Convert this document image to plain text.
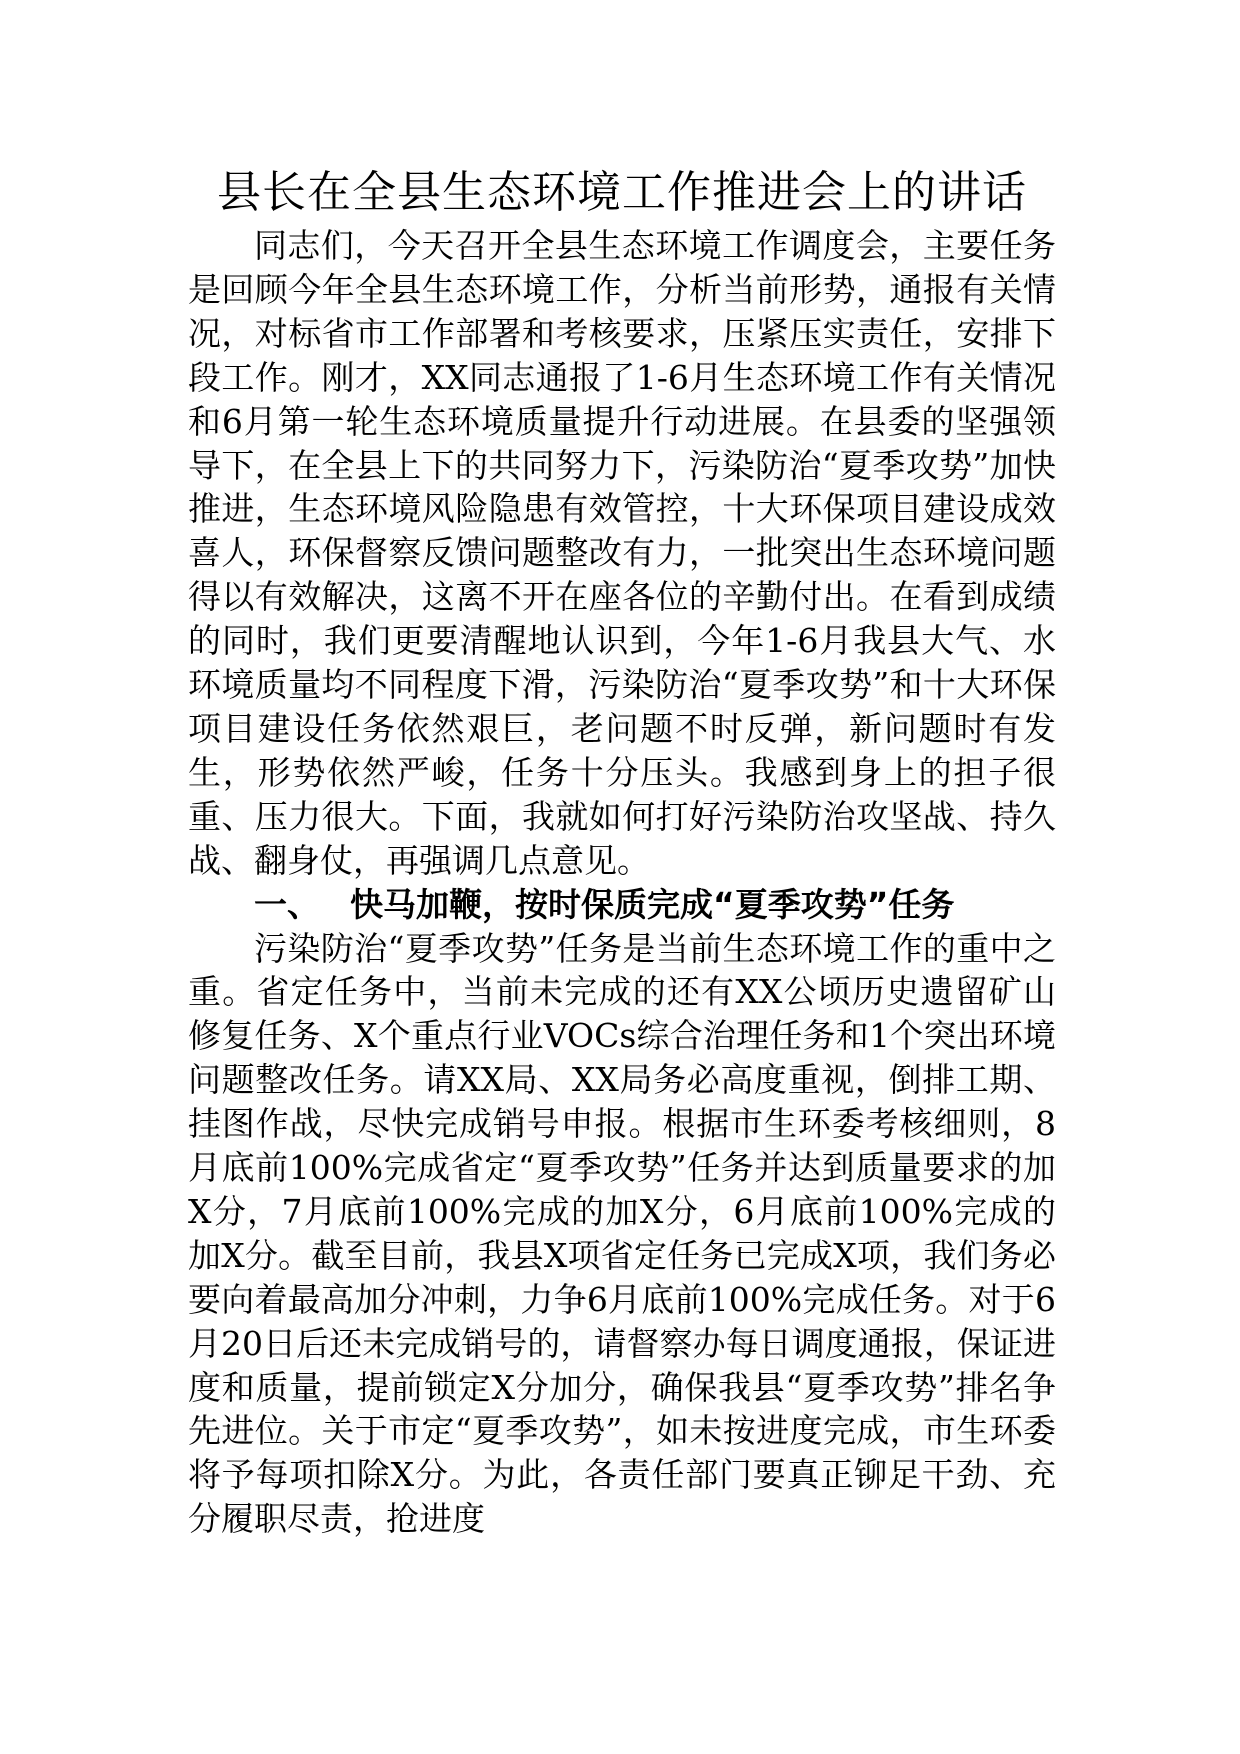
县长在全县生态环境工作推进会上的讲话

同志们，今天召开全县生态环境工作调度会，主要任务是回顾今年全县生态环境工作，分析当前形势，通报有关情况，对标省市工作部署和考核要求，压紧压实责任，安排下段工作。刚才，XX同志通报了1-6月生态环境工作有关情况和6月第一轮生态环境质量提升行动进展。在县委的坚强领导下，在全县上下的共同努力下，污染防治“夏季攻势”加快推进，生态环境风险隐患有效管控，十大环保项目建设成效喜人，环保督察反馈问题整改有力，一批突出生态环境问题得以有效解决，这离不开在座各位的辛勤付出。在看到成绩的同时，我们更要清醒地认识到，今年1-6月我县大气、水环境质量均不同程度下滑，污染防治“夏季攻势”和十大环保项目建设任务依然艰巨，老问题不时反弹，新问题时有发生，形势依然严峻，任务十分压头。我感到身上的担子很重、压力很大。下面，我就如何打好污染防治攻坚战、持久战、翻身仗，再强调几点意见。

一、 快马加鞭，按时保质完成“夏季攻势”任务

污染防治“夏季攻势”任务是当前生态环境工作的重中之重。省定任务中，当前未完成的还有XX公顷历史遗留矿山修复任务、X个重点行业VOCs综合治理任务和1个突出环境问题整改任务。请XX局、XX局务必高度重视，倒排工期、挂图作战，尽快完成销号申报。根据市生环委考核细则，8月底前100%完成省定“夏季攻势”任务并达到质量要求的加X分，7月底前100%完成的加X分，6月底前100%完成的加X分。截至目前，我县X项省定任务已完成X项，我们务必要向着最高加分冲刺，力争6月底前100%完成任务。对于6月20日后还未完成销号的，请督察办每日调度通报，保证进度和质量，提前锁定X分加分，确保我县“夏季攻势”排名争先进位。关于市定“夏季攻势”，如未按进度完成，市生环委将予每项扣除X分。为此，各责任部门要真正铆足干劲、充分履职尽责，抢进度
